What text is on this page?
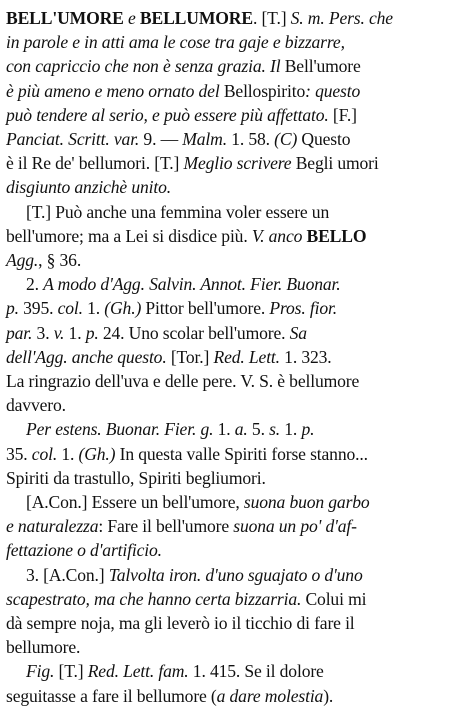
BELL'UMORE e BELLUMORE. [T.] S. m. Pers. che
in parole e in atti ama le cose tra gaje e bizzarre,
con capriccio che non è senza grazia. Il Bell'umore
è più ameno e meno ornato del Bellospirito: questo
può tendere al serio, e può essere più affettato. [F.]
Panciat. Scritt. var. 9. — Malm. 1. 58. (C) Questo
è il Re de' bellumori. [T.] Meglio scrivere Begli umori
disgiunto anzichè unito.
[T.] Può anche una femmina voler essere un
bell'umore; ma a Lei si disdice più. V. anco BELLO
Agg., § 36.
2. A modo d'Agg. Salvin. Annot. Fier. Buonar.
p. 395. col. 1. (Gh.) Pittor bell'umore. Pros. fior.
par. 3. v. 1. p. 24. Uno scolar bell'umore. Sa
dell'Agg. anche questo. [Tor.] Red. Lett. 1. 323.
La ringrazio dell'uva e delle pere. V. S. è bellumore
davvero.
Per estens. Buonar. Fier. g. 1. a. 5. s. 1. p.
35. col. 1. (Gh.) In questa valle Spiriti forse stanno...
Spiriti da trastullo, Spiriti begliumori.
[A.Con.] Essere un bell'umore, suona buon garbo
e naturalezza: Fare il bell'umore suona un po' d'af-
fettazione o d'artificio.
3. [A.Con.] Talvolta iron. d'uno sguajato o d'uno
scapestrato, ma che hanno certa bizzarria. Colui mi
dà sempre noja, ma gli leverò io il ticchio di fare il
bellumore.
Fig. [T.] Red. Lett. fam. 1. 415. Se il dolore
seguitasse a fare il bellumore (a dare molestia).
